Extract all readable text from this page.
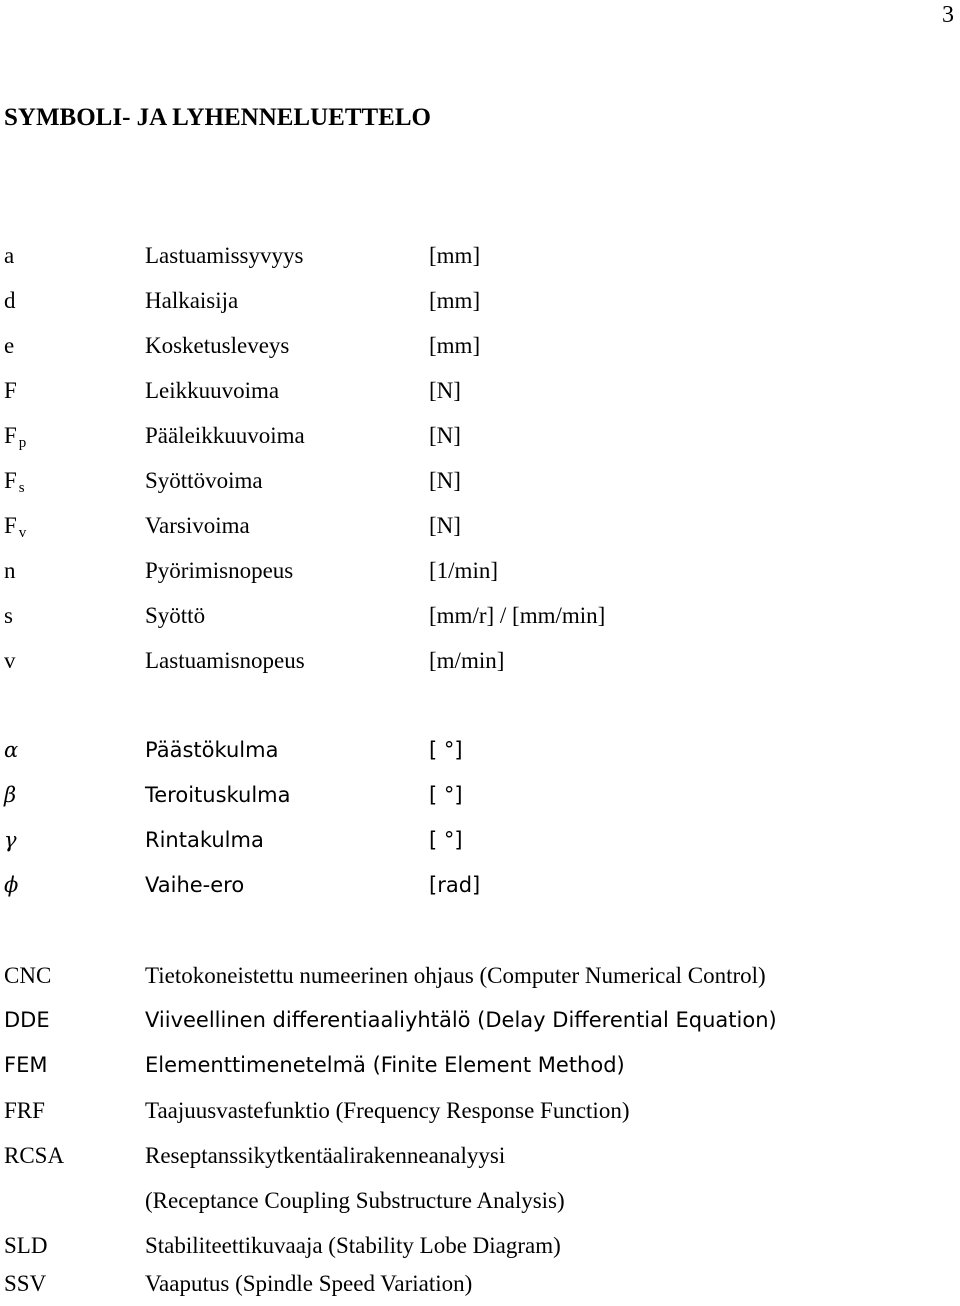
3
SYMBOLI- JA LYHENNELUETTELO
a	Lastuamissyvyys	[mm]
d	Halkaisija	[mm]
e	Kosketusleveys	[mm]
F	Leikkuuvoima	[N]
Fp	Pääleikkuuvoima	[N]
Fs	Syöttövoima	[N]
Fv	Varsivoima	[N]
n	Pyörimisnopeus	[1/min]
s	Syöttö	[mm/r] / [mm/min]
v	Lastuamisnopeus	[m/min]
α	Päästökulma	[ °]
β	Teroituskulma	[ °]
γ	Rintakulma	[ °]
ϕ	Vaihe-ero	[rad]
CNC	Tietokoneistettu numeerinen ohjaus (Computer Numerical Control)
DDE	Viiveellinen differentiaaliyhtälö (Delay Differential Equation)
FEM	Elementtimenetelmä (Finite Element Method)
FRF	Taajuusvastefunktio (Frequency Response Function)
RCSA	Reseptanssikytkentäalirakenneanalyysi
(Receptance Coupling Substructure Analysis)
SLD	Stabiliteettikuvaaja (Stability Lobe Diagram)
SSV	Vaaputus (Spindle Speed Variation)
